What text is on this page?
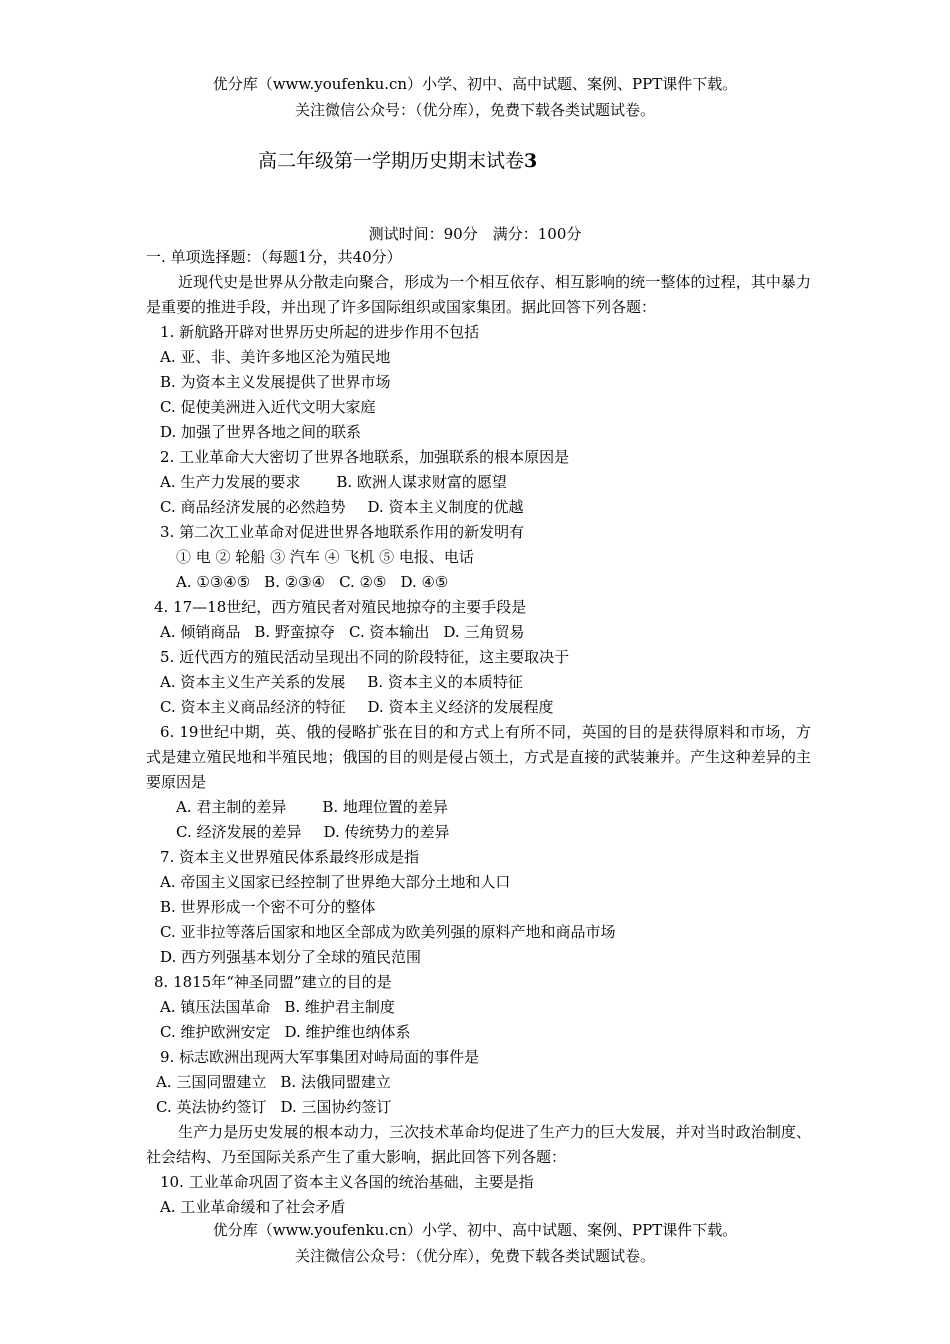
优分库（www.youfenku.cn）小学、初中、高中试题、案例、PPT课件下载。
关注微信公众号：（优分库），免费下载各类试题试卷。
高二年级第一学期历史期末试卷3
测试时间：90分　满分：100分
一. 单项选择题：（每题1分，共40分）
近现代史是世界从分散走向聚合，形成为一个相互依存、相互影响的统一整体的过程，其中暴力是重要的推进手段，并出现了许多国际组织或国家集团。据此回答下列各题：
1. 新航路开辟对世界历史所起的进步作用不包括
A. 亚、非、美许多地区沦为殖民地
B. 为资本主义发展提供了世界市场
C. 促使美洲进入近代文明大家庭
D. 加强了世界各地之间的联系
2. 工业革命大大密切了世界各地联系，加强联系的根本原因是
A. 生产力发展的要求 B. 欧洲人谋求财富的愿望
C. 商品经济发展的必然趋势 D. 资本主义制度的优越
3. 第二次工业革命对促进世界各地联系作用的新发明有
① 电 ② 轮船 ③ 汽车 ④ 飞机 ⑤ 电报、电话
A. ①③④⑤ B. ②③④ C. ②⑤ D. ④⑤
4. 17—18世纪，西方殖民者对殖民地掠夺的主要手段是
A. 倾销商品 B. 野蛮掠夺 C. 资本输出 D. 三角贸易
5. 近代西方的殖民活动呈现出不同的阶段特征，这主要取决于
A. 资本主义生产关系的发展 B. 资本主义的本质特征
C. 资本主义商品经济的特征 D. 资本主义经济的发展程度
6. 19世纪中期，英、俄的侵略扩张在目的和方式上有所不同，英国的目的是获得原料和市场，方式是建立殖民地和半殖民地；俄国的目的则是侵占领土，方式是直接的武装兼并。产生这种差异的主要原因是
A. 君主制的差异 B. 地理位置的差异
C. 经济发展的差异 D. 传统势力的差异
7. 资本主义世界殖民体系最终形成是指
A. 帝国主义国家已经控制了世界绝大部分土地和人口
B. 世界形成一个密不可分的整体
C. 亚非拉等落后国家和地区全部成为欧美列强的原料产地和商品市场
D. 西方列强基本划分了全球的殖民范围
8. 1815年“神圣同盟”建立的目的是
A. 镇压法国革命 B. 维护君主制度
C. 维护欧洲安定 D. 维护维也纳体系
9. 标志欧洲出现两大军事集团对峙局面的事件是
A. 三国同盟建立 B. 法俄同盟建立
C. 英法协约签订 D. 三国协约签订
生产力是历史发展的根本动力，三次技术革命均促进了生产力的巨大发展，并对当时政治制度、社会结构、乃至国际关系产生了重大影响，据此回答下列各题：
10. 工业革命巩固了资本主义各国的统治基础，主要是指
A. 工业革命缓和了社会矛盾
优分库（www.youfenku.cn）小学、初中、高中试题、案例、PPT课件下载。
关注微信公众号：（优分库），免费下载各类试题试卷。
